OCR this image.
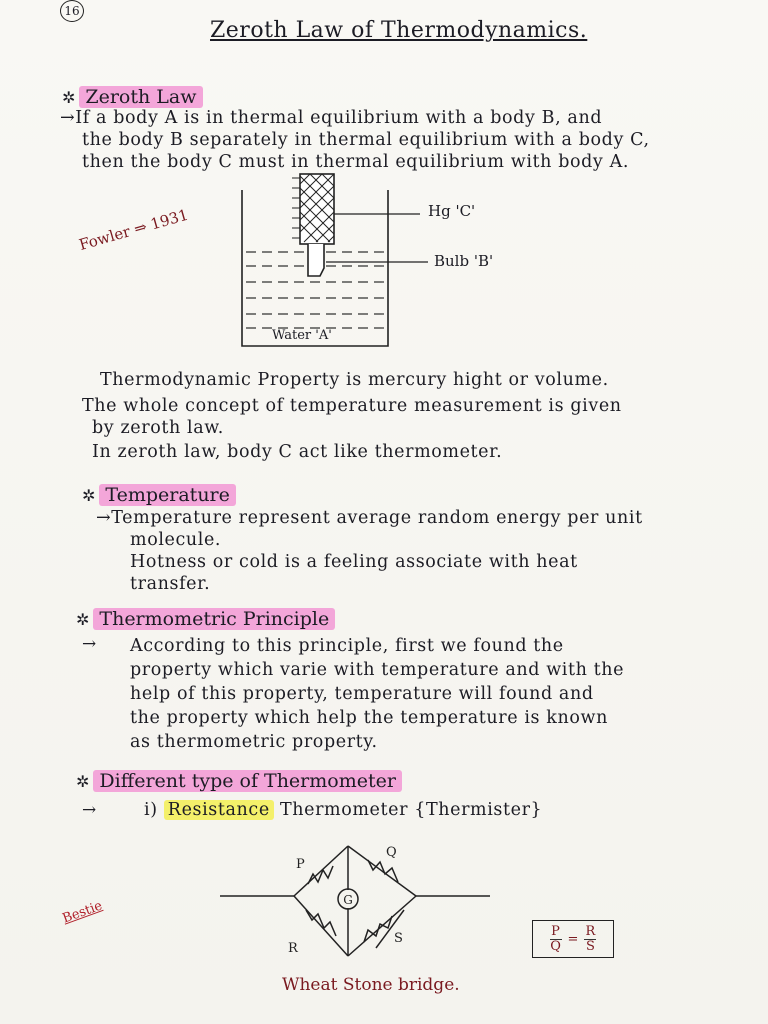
16
Zeroth Law of Thermodynamics.
✲ Zeroth Law
→If a body A is in thermal equilibrium with a body B, and
the body B separately in thermal equilibrium with a body C,
then the body C must in thermal equilibrium with body A.
Fowler ⇒ 1931	Hg 'C'
Bulb 'B'
Water 'A'
Thermodynamic Property is mercury hight or volume.
The whole concept of temperature measurement is given
by zeroth law.
In zeroth law, body C act like thermometer.
✲ Temperature
→Temperature represent average random energy per unit
molecule.
Hotness or cold is a feeling associate with heat
transfer.
✲ Thermometric Principle
→ According to this principle, first we found the
property which varie with temperature and with the
help of this property, temperature will found and
the property which help the temperature is known
as thermometric property.
✲ Different type of Thermometer
→	i) Resistance Thermometer {Thermister}
G
P
Q
R
S	$\frac{P}{Q} = \frac{R}{S}$
Bestie
Wheat Stone bridge.
